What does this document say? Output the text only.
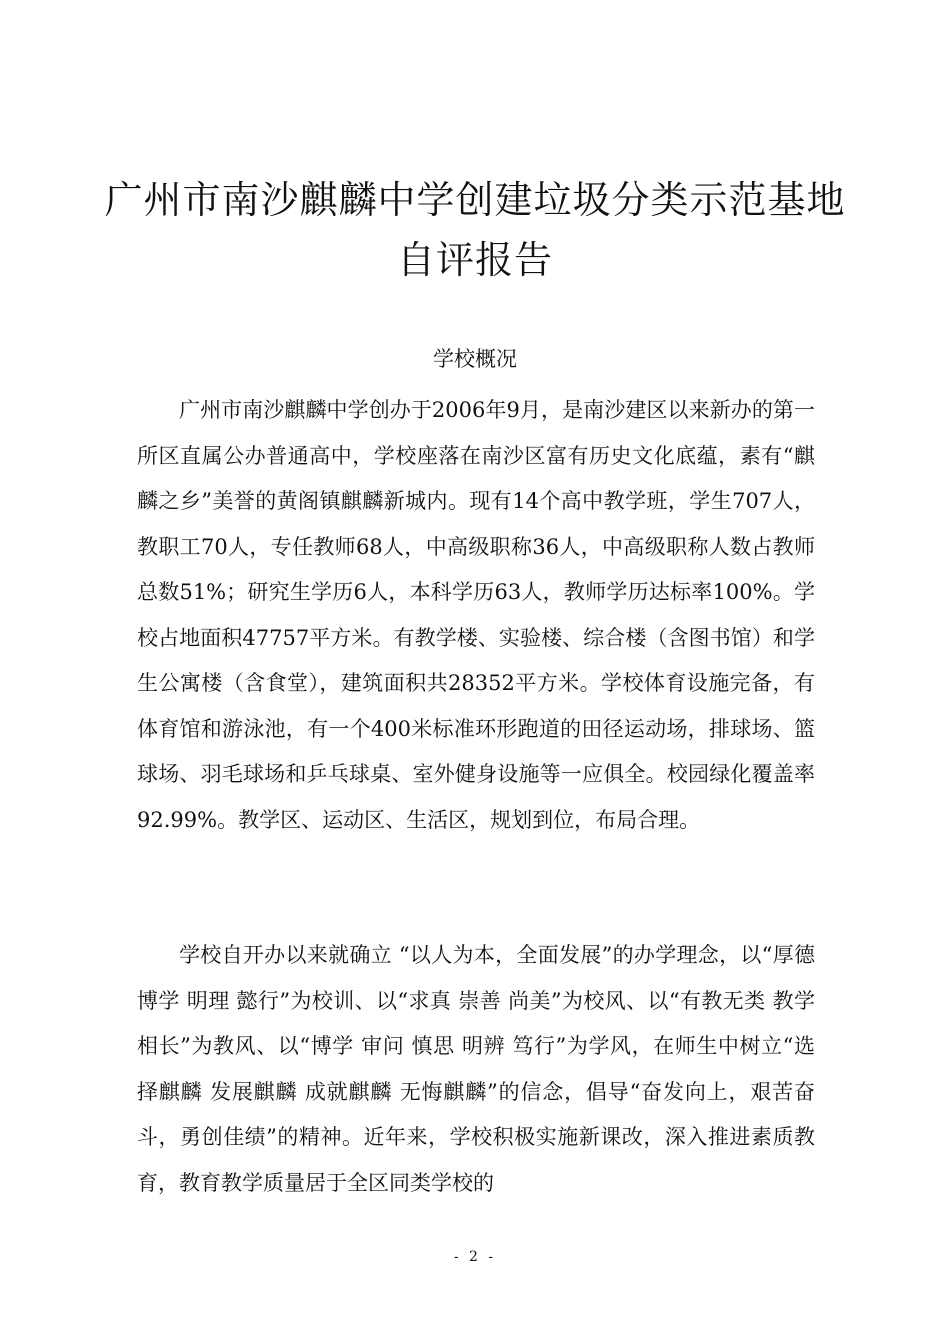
广州市南沙麒麟中学创建垃圾分类示范基地
自评报告
学校概况

广州市南沙麒麟中学创办于2006年9月，是南沙建区以来新办的第一所区直属公办普通高中，学校座落在南沙区富有历史文化底蕴，素有“麒麟之乡”美誉的黄阁镇麒麟新城内。现有14个高中教学班，学生707人，教职工70人，专任教师68人，中高级职称36人，中高级职称人数占教师总数51%；研究生学历6人，本科学历63人，教师学历达标率100%。学校占地面积47757平方米。有教学楼、实验楼、综合楼（含图书馆）和学生公寓楼（含食堂），建筑面积共28352平方米。学校体育设施完备，有体育馆和游泳池，有一个400米标准环形跑道的田径运动场，排球场、篮球场、羽毛球场和乒乓球桌、室外健身设施等一应俱全。校园绿化覆盖率92.99%。教学区、运动区、生活区，规划到位，布局合理。

学校自开办以来就确立 “以人为本，全面发展”的办学理念，以“厚德 博学 明理 懿行”为校训、以“求真 崇善 尚美”为校风、以“有教无类 教学相长”为教风、以“博学 审问 慎思 明辨 笃行”为学风，在师生中树立“选择麒麟 发展麒麟 成就麒麟 无悔麒麟”的信念，倡导“奋发向上，艰苦奋斗，勇创佳绩”的精神。近年来，学校积极实施新课改，深入推进素质教育，教育教学质量居于全区同类学校的

- 2 -
